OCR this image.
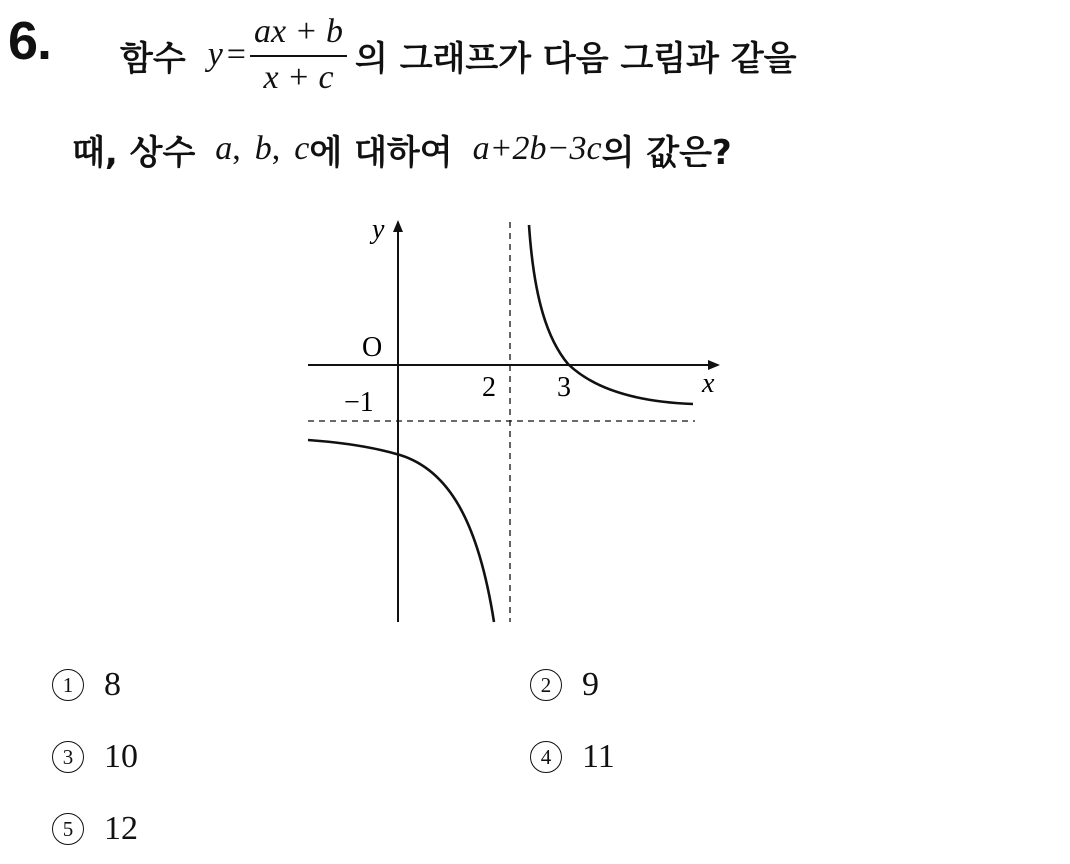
6. 함수 $y = \frac{ax + b}{x + c}$ 의 그래프가 다음 그림과 같을
때, 상수 a , b , c 에 대하여 a+2b−3c 의 값은?
y
x
O
−1	2 3
1 8	2 9
3 10	4 11
5 12
